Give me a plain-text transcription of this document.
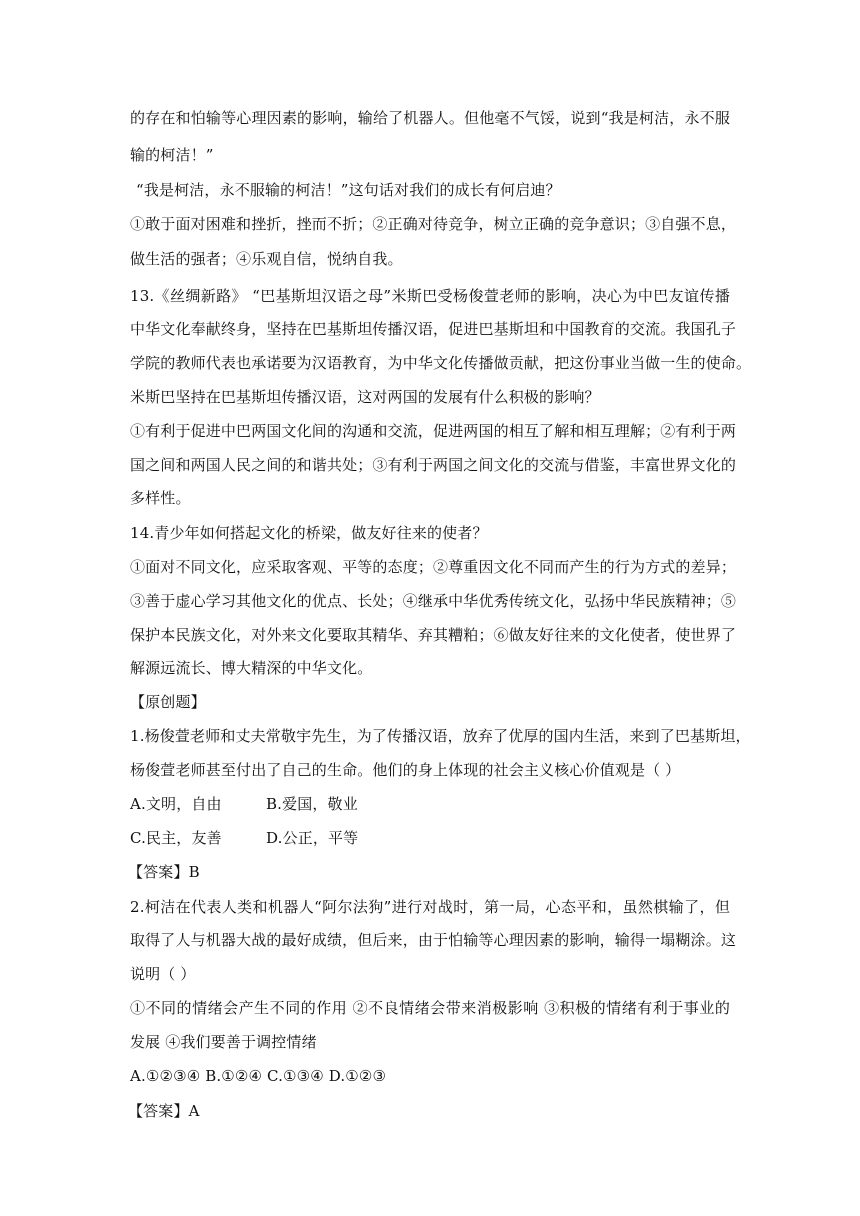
的存在和怕输等心理因素的影响，输给了机器人。但他毫不气馁，说到“我是柯洁，永不服
输的柯洁！”
“我是柯洁，永不服输的柯洁！”这句话对我们的成长有何启迪？
①敢于面对困难和挫折，挫而不折；②正确对待竞争，树立正确的竞争意识；③自强不息，
做生活的强者；④乐观自信，悦纳自我。
13.《丝绸新路》 “巴基斯坦汉语之母”米斯巴受杨俊萱老师的影响，决心为中巴友谊传播
中华文化奉献终身，坚持在巴基斯坦传播汉语，促进巴基斯坦和中国教育的交流。我国孔子
学院的教师代表也承诺要为汉语教育，为中华文化传播做贡献，把这份事业当做一生的使命。
米斯巴坚持在巴基斯坦传播汉语，这对两国的发展有什么积极的影响？
①有利于促进中巴两国文化间的沟通和交流，促进两国的相互了解和相互理解；②有利于两
国之间和两国人民之间的和谐共处；③有利于两国之间文化的交流与借鉴，丰富世界文化的
多样性。
14.青少年如何搭起文化的桥梁，做友好往来的使者？
①面对不同文化，应采取客观、平等的态度；②尊重因文化不同而产生的行为方式的差异；
③善于虚心学习其他文化的优点、长处；④继承中华优秀传统文化，弘扬中华民族精神；⑤
保护本民族文化，对外来文化要取其精华、弃其糟粕；⑥做友好往来的文化使者，使世界了
解源远流长、博大精深的中华文化。
【原创题】
1.杨俊萱老师和丈夫常敬宇先生，为了传播汉语，放弃了优厚的国内生活，来到了巴基斯坦，
杨俊萱老师甚至付出了自己的生命。他们的身上体现的社会主义核心价值观是（ ）
A.文明，自由	B.爱国，敬业
C.民主，友善	D.公正，平等
【答案】B
2.柯洁在代表人类和机器人“阿尔法狗”进行对战时，第一局，心态平和，虽然棋输了，但
取得了人与机器大战的最好成绩，但后来，由于怕输等心理因素的影响，输得一塌糊涂。这
说明（ ）
①不同的情绪会产生不同的作用 ②不良情绪会带来消极影响 ③积极的情绪有利于事业的
发展 ④我们要善于调控情绪
A.①②③④ B.①②④ C.①③④ D.①②③
【答案】A
